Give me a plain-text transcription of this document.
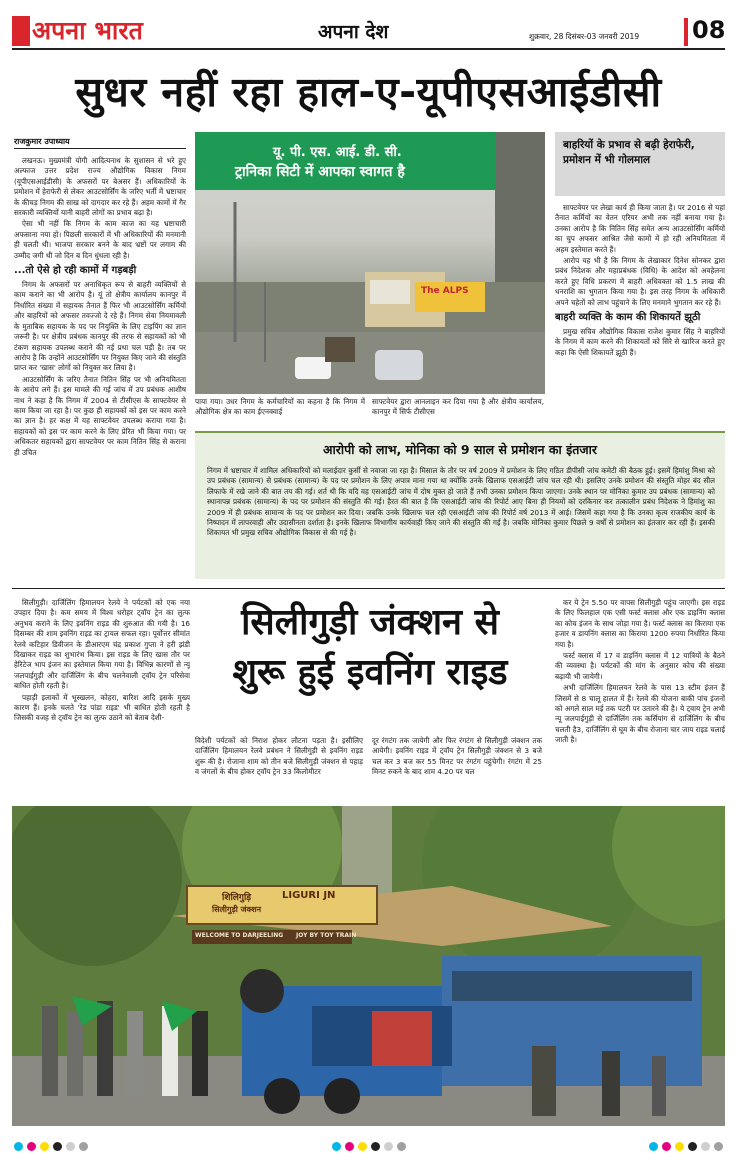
अपना भारत	अपना देश	शुक्रवार, 28 दिसंबर-03 जनवरी 2019 08
सुधर नहीं रहा हाल-ए-यूपीएसआईडीसी
राजकुमार उपाध्याय

लखनऊ। मुख्यमंत्री योगी आदित्यनाथ के सुशासन से भरे हुए अल्फाज उत्तर प्रदेश राज्य औद्योगिक विकास निगम (यूपीएसआईडीसी) के अफसरों पर बेअसर हैं। अधिकारियों के प्रमोशन में हेराफेरी से लेकर आउटसोर्सिंग के जरिए भर्ती में भ्रष्टाचार के कीचड़ निगम की साख को दागदार कर रहे हैं। अहम कामों में गैर सरकारी व्यक्तियों यानी बाहरी लोगों का प्रभाव बढ़ा है।

ऐसा भी नहीं कि निगम के काम काज का यह भ्रष्टाचारी अफसाना नया हो। पिछली सरकारों में भी अधिकारियों की मनमानी ही चलती थी। भाजपा सरकार बनने के बाद भ्रष्टों पर लगाम की उम्मीद जगी थी जो दिन ब दिन धुंधला रही है।

...तो ऐसे हो रही कामों में गड़बड़ी

निगम के अफसरों पर अनाधिकृत रूप से बाहरी व्यक्तियों से काम कराने का भी आरोप है। यूं तो क्षेत्रीय कार्यालय कानपुर में निर्धारित संख्या में सहायक तैनात हैं फिर भी आउटसोर्सिंग कर्मियों और बाहरियों को अफसर तवज्जो दे रहे हैं। निगम सेवा नियमावली के मुताबिक सहायक के पद पर नियुक्ति के लिए टाइपिंग का ज्ञान जरूरी है। पर क्षेत्रीय प्रबंधक कानपुर की तरफ से सहायकों को भी टंकण सहायक उपलब्ध कराने की नई प्रथा चल पड़ी है। तब पर आरोप है कि उन्होंने आउटसोर्सिंग पर नियुक्त किए जाने की संस्तुति प्राप्त कर 'खास' लोगों को नियुक्त कर लिया है।

आउटसोर्सिंग के जरिए तैनात नितिन सिंह पर भी अनियमितता के आरोप लगे हैं। इस मामले की गई जांच में उप प्रबंधक आशीष नाथ ने कहा है कि निगम में 2004 से टीसीएस के साफ्टवेयर से काम किया जा रहा है। पर कुछ ही सहायकों को इस पर काम करने का ज्ञान है। हर कक्ष में यह साफ्टवेयर उपलब्ध कराया गया है। सहायकों को इस पर काम करने के लिए प्रेरित भी किया गया। पर अधिकतर सहायकों द्वारा साफ्टवेयर पर काम नितिन सिंह से कराना ही उचित

यू. पी. एस. आई. डी. सी.
ट्रानिका सिटी में आपका स्वागत है
The ALPS
पाया गया। उधर निगम के कर्मचारियों का कहना है कि निगम में औद्योगिक क्षेत्र का काम ईएनक्वाई
साफ्टवेयर द्वारा आनलाइन कर दिया गया है और क्षेत्रीय कार्यालय, कानपुर में सिर्फ टीसीएस
बाहरियों के प्रभाव से बढ़ी हेराफेरी, प्रमोशन में भी गोलमाल

साफ्टवेयर पर लेखा कार्य ही किया जाता है। पर 2016 से यहां तैनात कर्मियों का वेतन एरियर अभी तक नहीं बनाया गया है। उनका आरोप है कि नितिन सिंह समेत अन्य आउटसोर्सिंग कर्मियों का चुप अफसर आश्रित जैसे कामों में हो रही अनियमितता में अहम इस्तेमाल करते हैं।

आरोप यह भी है कि निगम के लेखाकार दिनेश सोनकर द्वारा प्रबंध निदेशक और महाप्रबंधक (विधि) के आदेश को अवहेलना करते हुए विधि प्रकरण में बाहरी अधिवक्ता को 1.5 लाख की धनराशि का भुगतान किया गया है। इस तरह निगम के अधिकारी अपने चहेतों को लाभ पहुंचाने के लिए मनमाने भुगतान कर रहे हैं।

बाहरी व्यक्ति के काम की शिकायतें झूठी

प्रमुख सचिव औद्योगिक विकास राजेश कुमार सिंह ने बाहरियों के निगम में काम करने की शिकायतों को सिरे से खारिज करते हुए कहा कि ऐसी शिकायतें झूठी हैं।

आरोपी को लाभ, मोनिका को 9 साल से प्रमोशन का इंतजार
निगम में भ्रष्टाचार में शामिल अधिकारियों को मलाईदार कुर्सी से नवाजा जा रहा है। मिसाल के तौर पर वर्ष 2009 में प्रमोशन के लिए गठित डीपीसी जांच कमेटी की बैठक हुई। इसमें हिमांशु मिश्रा को उप प्रबंधक (सामान्य) से प्रबंधक (सामान्य) के पद पर प्रमोशन के लिए अपात्र माना गया था क्योंकि उनके खिलाफ एसआईटी जांच चल रही थी। इसलिए उनके प्रमोशन की संस्तुति मोहर बंद सील लिफाफे में रखे जाने की बात तय की गई। शर्त थी कि यदि वह एसआईटी जांच में दोष मुक्त हो जाते हैं तभी उनका प्रमोशन किया जाएगा। उनके स्थान पर मोनिका कुमार उप प्रबंधक (सामान्य) को स्थानापन्न प्रबंधक (सामान्य) के पद पर प्रमोशन की संस्तुति की गई। हैरत की बात है कि एसआईटी जांच की रिपोर्ट आए बिना ही नियमों को दरकिनार कर तत्कालीन प्रबंध निदेशक ने हिमांशु का 2009 में ही प्रबंधक सामान्य के पद पर प्रमोशन कर दिया। जबकि उनके खिलाफ चल रही एसआईटी जांच की रिपोर्ट वर्ष 2013 में आई। जिसमें कहा गया है कि उनका कृत्य राजकीय कार्य के निष्पादन में लापरवाही और उदासीनता दर्शाता है। इनके खिलाफ विभागीय कार्यवाही किए जाने की संस्तुति की गई है। जबकि मोनिका कुमार पिछले 9 वर्षों से प्रमोशन का इंतजार कर रही हैं। इसकी शिकायत भी प्रमुख सचिव औद्योगिक विकास से की गई है।

सिलीगुड़ी। दार्जिलिंग हिमालयन रेलवे ने पर्यटकों को एक नया उपहार दिया है। कम समय में विश्व धरोहर ट्वॉय ट्रेन का लुत्फ अनुभव कराने के लिए इवनिंग राइड की शुरुआत की गयी है। 16 दिसम्बर की शाम इवनिंग राइड का ट्रायल सफल रहा। पूर्वोत्तर सीमांत रेलवे कटिहार डिवीजन के डीआरएम चंद्र प्रकाश गुप्ता ने हरी झंडी दिखाकर राइड का शुभारंभ किया। इस राइड के लिए खास तौर पर हेरिटेज भाप इंजन का इस्तेमाल किया गया है। विभिन्न कारणों से न्यू जलपाईगुड़ी और दार्जिलिंग के बीच चलनेवाली ट्वॉय ट्रेन परिसेवा बाधित होती रहती है।

पहाड़ी इलाकों में भूस्खलन, कोहरा, बारिश आदि इसके मुख्य कारण हैं। इनके चलते 'रेड पांडा राइड' भी बाधित होती रहती है जिसकी वजह से ट्वॉय ट्रेन का लुत्फ उठाने को बेताब देशी-

सिलीगुड़ी जंक्शन से
शुरू हुई इवनिंग राइड
विदेशी पर्यटकों को निराश होकर लौटना पड़ता है। इसीलिए दार्जिलिंग हिमालयन रेलवे प्रबंधन ने सिलीगुड़ी से इवनिंग राइड शुरू की है। रोजाना शाम को तीन बजे सिलीगुड़ी जंक्शन से पहाड़ व जंगलों के बीच होकर ट्वॉय ट्रेन 33 किलोमीटर
दूर रंगटंग तक जायेगी और फिर रंगटंग से सिलीगुड़ी जंक्शन तक आयेगी। इवनिंग राइड में ट्वॉय ट्रेन सिलीगुड़ी जंक्शन से 3 बजे चल कर 3 बज कर 55 मिनट पर रंगटंग पहुंचेगी। रंगटंग में 25 मिनट रुकने के बाद शाम 4.20 पर चल

कर ये ट्रेन 5.50 पर वापस सिलीगुड़ी पहुंच जाएगी। इस राइड के लिए फिलहाल एक एसी फर्स्ट क्लास और एक डाइनिंग क्लास का कोच इंजन के साथ जोड़ा गया है। फर्स्ट क्लास का किराया एक हजार व डायनिंग क्लास का किराया 1200 रुपया निर्धारित किया गया है।

फर्स्ट क्लास में 17 व डाइनिंग क्लास में 12 यात्रियों के बैठने की व्यवस्था है। पर्यटकों की मांग के अनुसार कोच की संख्या बढ़ायी भी जायेगी।

अभी दार्जिलिंग हिमालयन रेलवे के पास 13 स्टीम इंजन हैं जिसमें से 8 चालू हालत में हैं। रेलवे की योजना बाकी पांच इंजनों को अगले साल मई तक पटरी पर उतारने की है। ये ट्वाय ट्रेन अभी न्यू जलपाईगुड़ी से दार्जिलिंग तक कर्सियांग से दार्जिलिंग के बीच चलती है3, दार्जिलिंग से घूम के बीच रोजाना चार जाय राइड चलाई जाती है।

शिलिगुड़ि	LIGURI JN
सिलीगुड़ी जंक्शन
WELCOME TO DARJEELING JOY BY TOY TRAIN
